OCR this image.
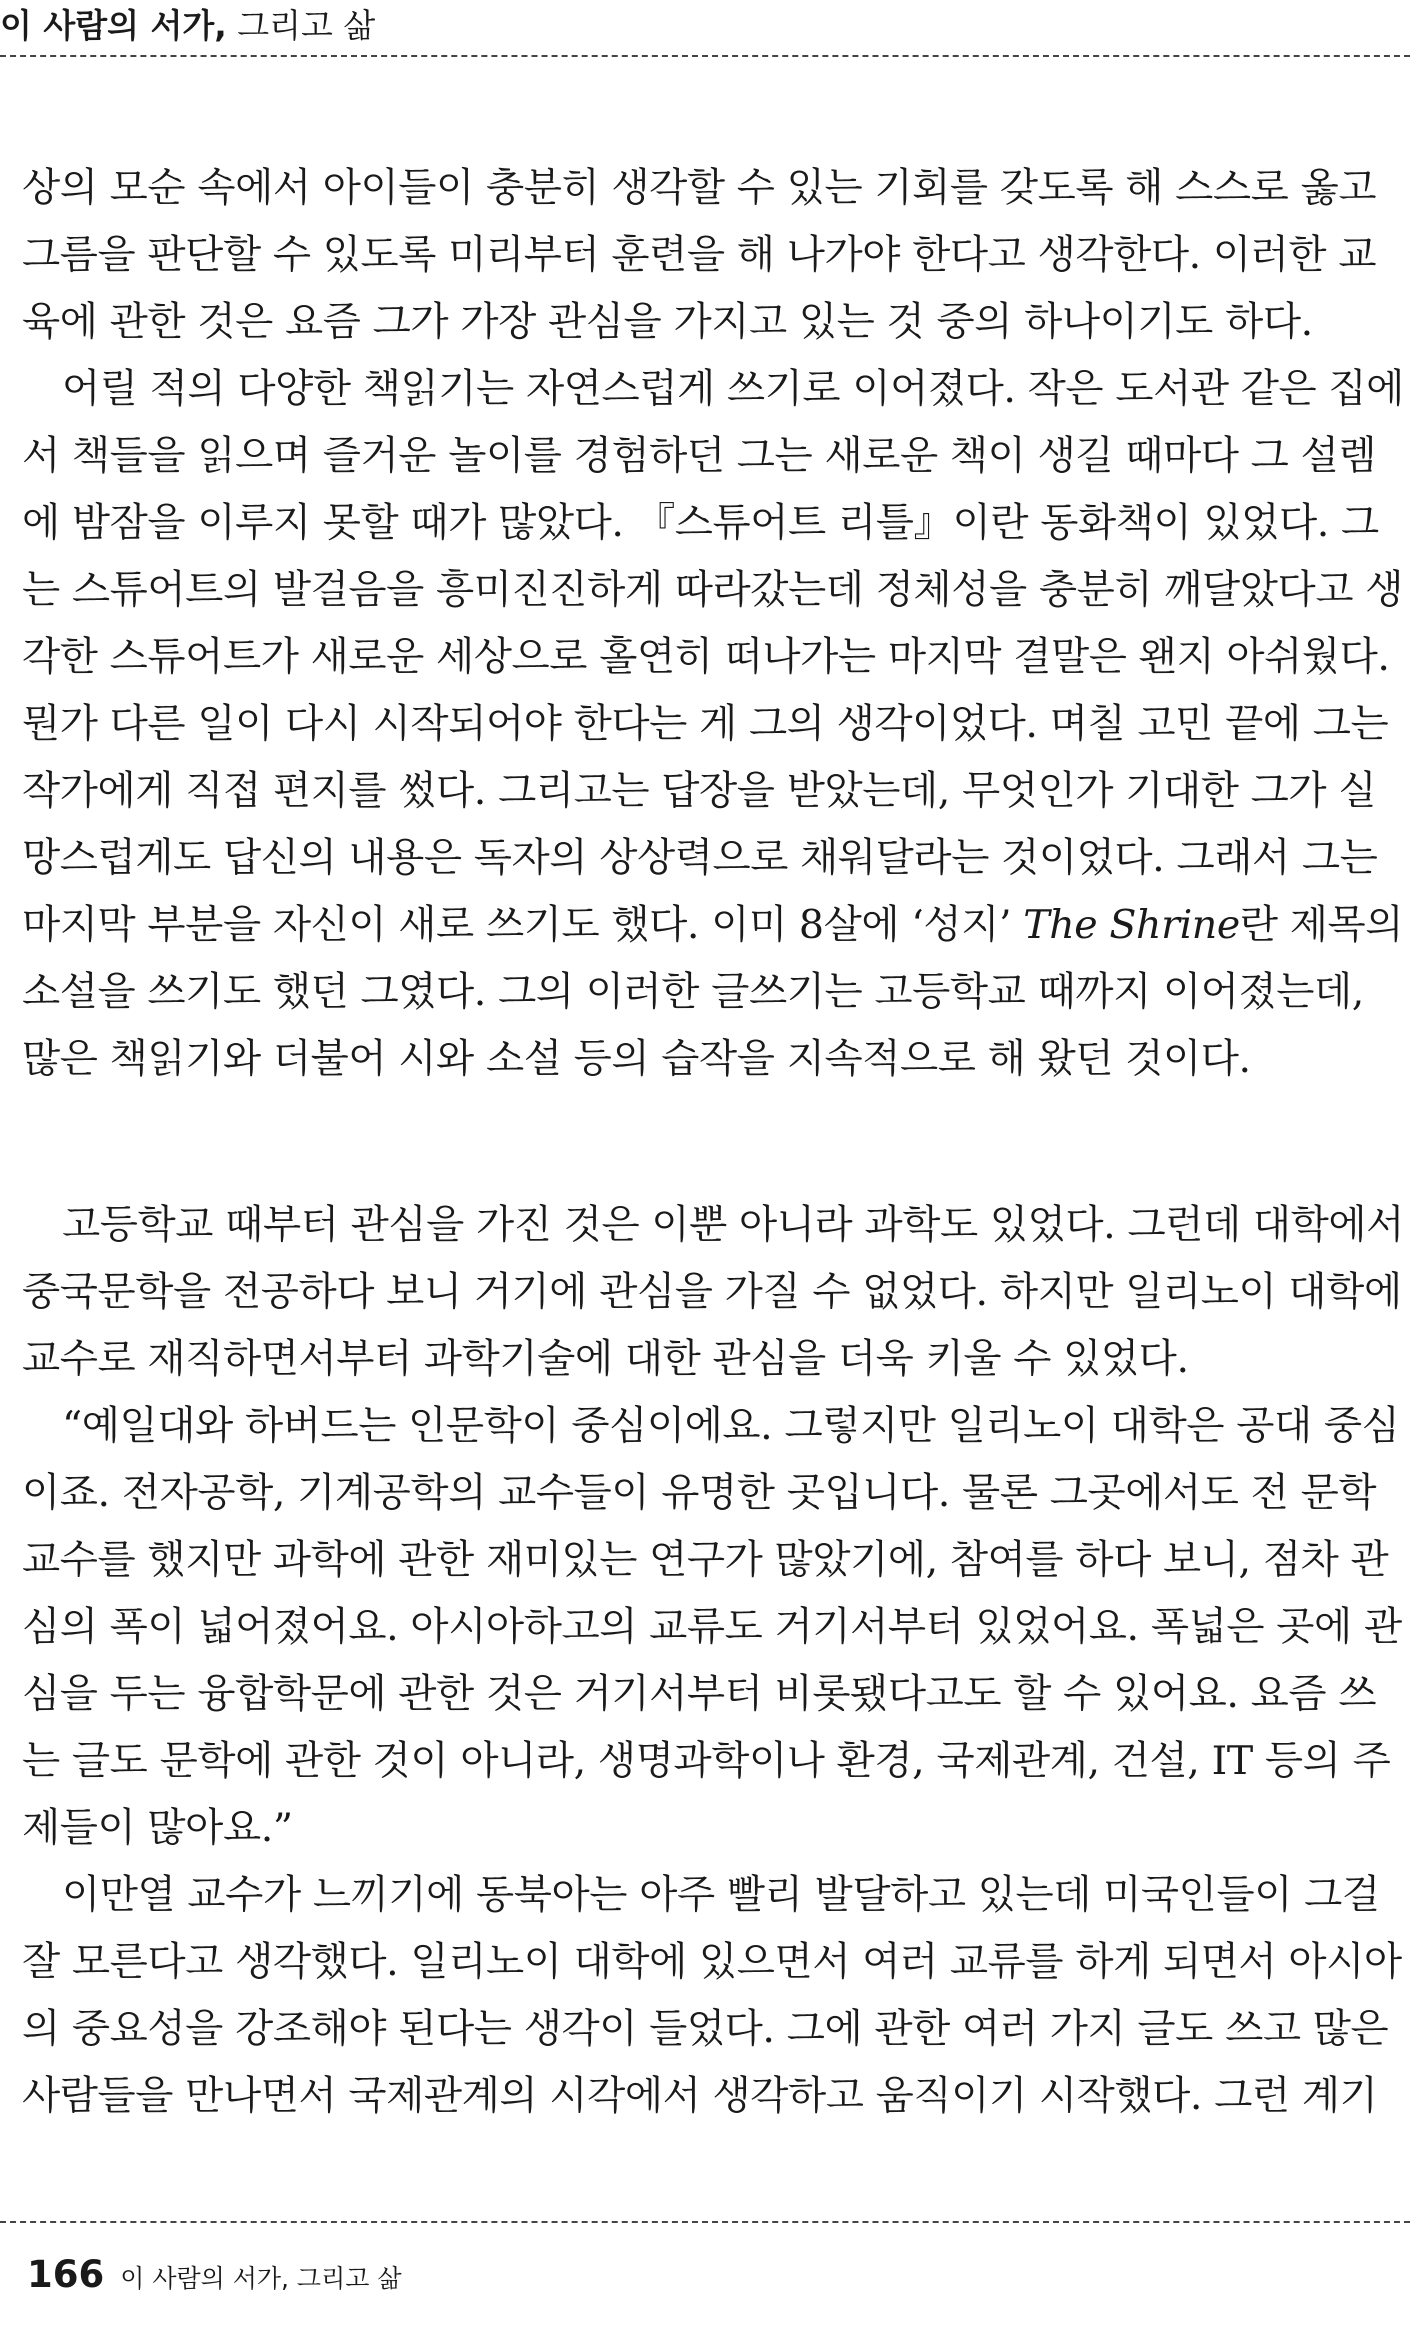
이 사람의 서가, 그리고 삶

상의 모순 속에서 아이들이 충분히 생각할 수 있는 기회를 갖도록 해 스스로 옳고 그름을 판단할 수 있도록 미리부터 훈련을 해 나가야 한다고 생각한다. 이러한 교육에 관한 것은 요즘 그가 가장 관심을 가지고 있는 것 중의 하나이기도 하다.

어릴 적의 다양한 책읽기는 자연스럽게 쓰기로 이어졌다. 작은 도서관 같은 집에서 책들을 읽으며 즐거운 놀이를 경험하던 그는 새로운 책이 생길 때마다 그 설렘에 밤잠을 이루지 못할 때가 많았다. 『스튜어트 리틀』이란 동화책이 있었다. 그는 스튜어트의 발걸음을 흥미진진하게 따라갔는데 정체성을 충분히 깨달았다고 생각한 스튜어트가 새로운 세상으로 홀연히 떠나가는 마지막 결말은 왠지 아쉬웠다. 뭔가 다른 일이 다시 시작되어야 한다는 게 그의 생각이었다. 며칠 고민 끝에 그는 작가에게 직접 편지를 썼다. 그리고는 답장을 받았는데, 무엇인가 기대한 그가 실망스럽게도 답신의 내용은 독자의 상상력으로 채워달라는 것이었다. 그래서 그는 마지막 부분을 자신이 새로 쓰기도 했다. 이미 8살에 ‘성지’ The Shrine란 제목의 소설을 쓰기도 했던 그였다. 그의 이러한 글쓰기는 고등학교 때까지 이어졌는데, 많은 책읽기와 더불어 시와 소설 등의 습작을 지속적으로 해 왔던 것이다.

고등학교 때부터 관심을 가진 것은 이뿐 아니라 과학도 있었다. 그런데 대학에서 중국문학을 전공하다 보니 거기에 관심을 가질 수 없었다. 하지만 일리노이 대학에 교수로 재직하면서부터 과학기술에 대한 관심을 더욱 키울 수 있었다.

“예일대와 하버드는 인문학이 중심이에요. 그렇지만 일리노이 대학은 공대 중심이죠. 전자공학, 기계공학의 교수들이 유명한 곳입니다. 물론 그곳에서도 전 문학 교수를 했지만 과학에 관한 재미있는 연구가 많았기에, 참여를 하다 보니, 점차 관심의 폭이 넓어졌어요. 아시아하고의 교류도 거기서부터 있었어요. 폭넓은 곳에 관심을 두는 융합학문에 관한 것은 거기서부터 비롯됐다고도 할 수 있어요. 요즘 쓰는 글도 문학에 관한 것이 아니라, 생명과학이나 환경, 국제관계, 건설, IT 등의 주제들이 많아요.”

이만열 교수가 느끼기에 동북아는 아주 빨리 발달하고 있는데 미국인들이 그걸 잘 모른다고 생각했다. 일리노이 대학에 있으면서 여러 교류를 하게 되면서 아시아의 중요성을 강조해야 된다는 생각이 들었다. 그에 관한 여러 가지 글도 쓰고 많은 사람들을 만나면서 국제관계의 시각에서 생각하고 움직이기 시작했다. 그런 계기

166 이 사람의 서가, 그리고 삶
